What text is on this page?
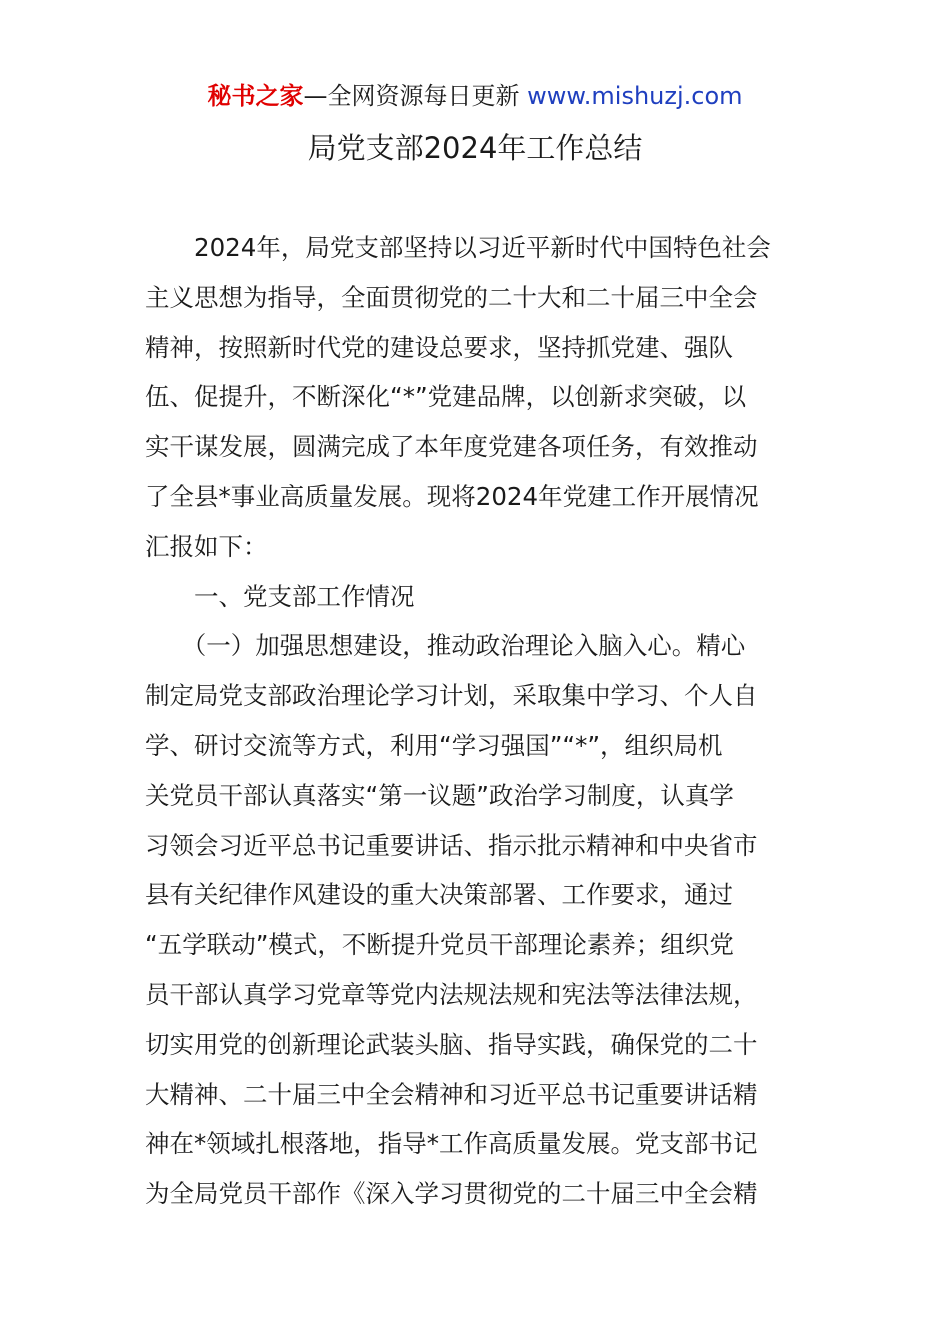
秘书之家—全网资源每日更新 www.mishuzj.com
局党支部2024年工作总结
　　2024年，局党支部坚持以习近平新时代中国特色社会
主义思想为指导，全面贯彻党的二十大和二十届三中全会
精神，按照新时代党的建设总要求，坚持抓党建、强队
伍、促提升，不断深化“*”党建品牌，以创新求突破，以
实干谋发展，圆满完成了本年度党建各项任务，有效推动
了全县*事业高质量发展。现将2024年党建工作开展情况
汇报如下：
　　一、党支部工作情况
　　（一）加强思想建设，推动政治理论入脑入心。精心
制定局党支部政治理论学习计划，采取集中学习、个人自
学、研讨交流等方式，利用“学习强国”“*”，组织局机
关党员干部认真落实“第一议题”政治学习制度，认真学
习领会习近平总书记重要讲话、指示批示精神和中央省市
县有关纪律作风建设的重大决策部署、工作要求，通过
“五学联动”模式，不断提升党员干部理论素养；组织党
员干部认真学习党章等党内法规法规和宪法等法律法规，
切实用党的创新理论武装头脑、指导实践，确保党的二十
大精神、二十届三中全会精神和习近平总书记重要讲话精
神在*领域扎根落地，指导*工作高质量发展。党支部书记
为全局党员干部作《深入学习贯彻党的二十届三中全会精
